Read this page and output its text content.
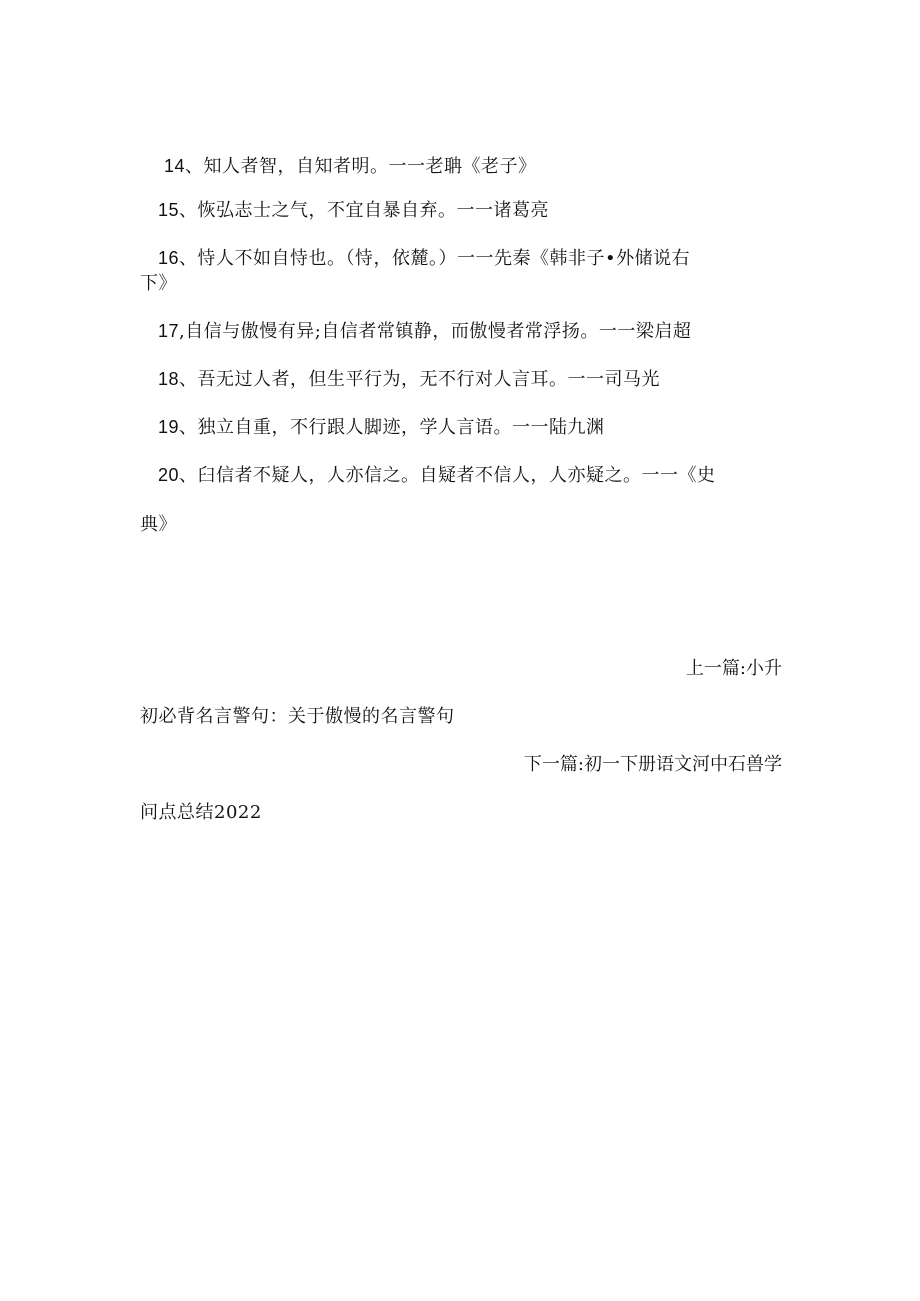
14、知人者智，自知者明。一一老聃《老子》
15、恢弘志士之气，不宜自暴自弃。一一诸葛亮
16、恃人不如自恃也。（恃，依麓。）一一先秦《韩非子•外储说右
下》
17,自信与傲慢有异;自信者常镇静，而傲慢者常浮扬。一一梁启超
18、吾无过人者，但生平行为，无不行对人言耳。一一司马光
19、独立自重，不行跟人脚迹，学人言语。一一陆九渊
20、臼信者不疑人，人亦信之。自疑者不信人，人亦疑之。一一《史
典》
上一篇:小升
初必背名言警句：关于傲慢的名言警句
下一篇:初一下册语文河中石兽学
问点总结2022
